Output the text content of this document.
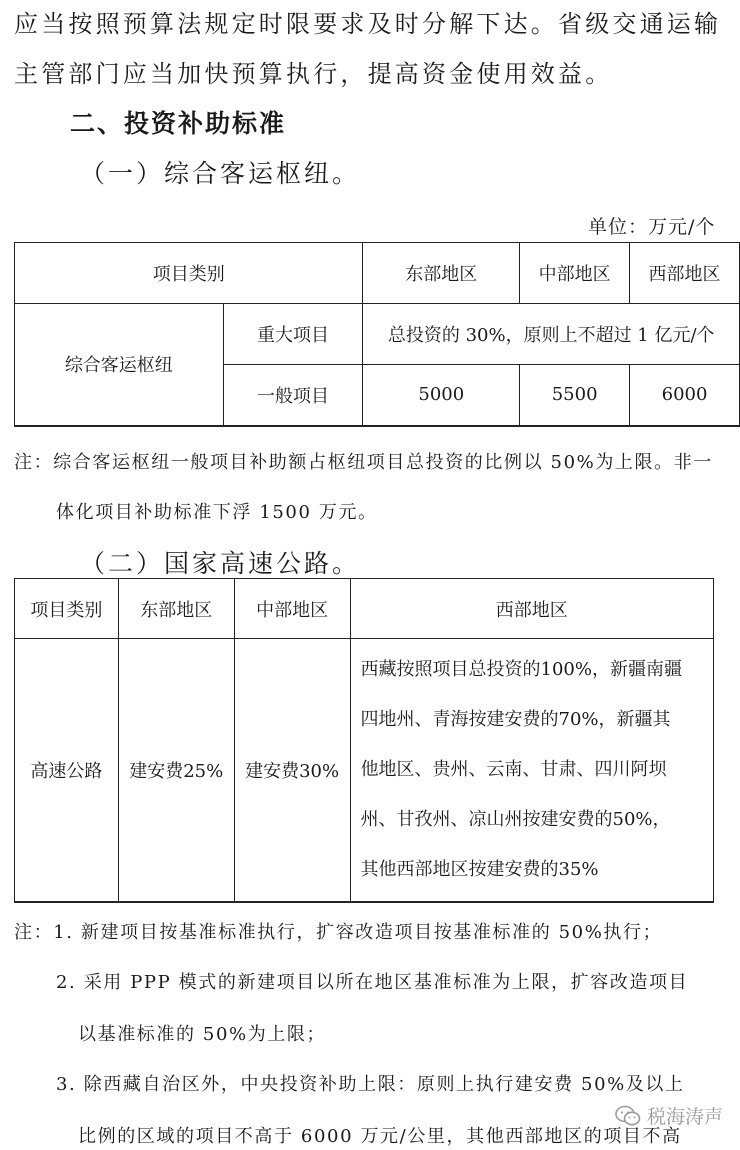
应当按照预算法规定时限要求及时分解下达。省级交通运输
主管部门应当加快预算执行，提高资金使用效益。
二、投资补助标准
（一）综合客运枢纽。
单位：万元/个
项目类别		东部地区	中部地区	西部地区
综合客运枢纽	重大项目	总投资的 30%，原则上不超过 1 亿元/个		
	一般项目	5000	5500	6000
注：综合客运枢纽一般项目补助额占枢纽项目总投资的比例以 50%为上限。非一
体化项目补助标准下浮 1500 万元。
（二）国家高速公路。
项目类别	东部地区	中部地区	西部地区
高速公路	建安费25%	建安费30%	西藏按照项目总投资的100%，新疆南疆
四地州、青海按建安费的70%，新疆其
他地区、贵州、云南、甘肃、四川阿坝
州、甘孜州、凉山州按建安费的50%，
其他西部地区按建安费的35%
注：1. 新建项目按基准标准执行，扩容改造项目按基准标准的 50%执行；
2. 采用 PPP 模式的新建项目以所在地区基准标准为上限，扩容改造项目
以基准标准的 50%为上限；
3. 除西藏自治区外，中央投资补助上限：原则上执行建安费 50%及以上
比例的区域的项目不高于 6000 万元/公里，其他西部地区的项目不高
税海涛声
